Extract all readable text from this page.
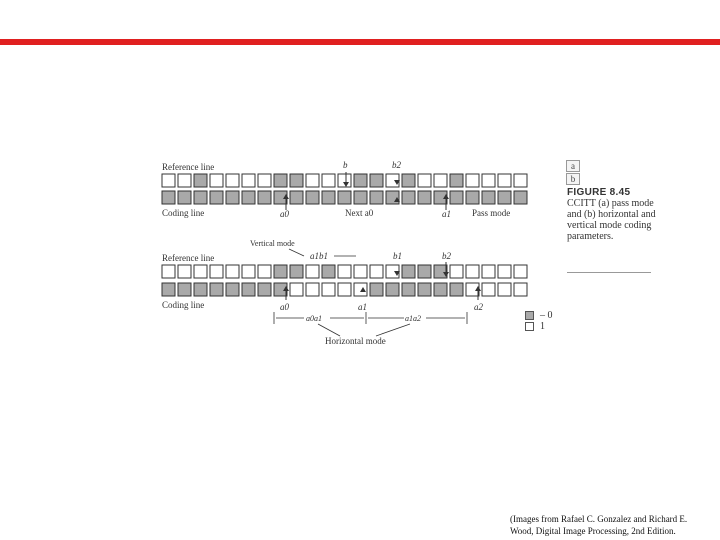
Reference line
Coding line
b	b2
a0	Next a0	a1 Pass mode
Vertical mode
a1b1
Reference line
Coding line
b1	b2
a0	a1	a2
a0a1	a1a2
Horizontal mode
a
b
FIGURE 8.45
CCITT (a) pass mode and (b) horizontal and vertical mode coding parameters.
– 0
1
(Images from Rafael C. Gonzalez and Richard E.
Wood, Digital Image Processing, 2nd Edition.
